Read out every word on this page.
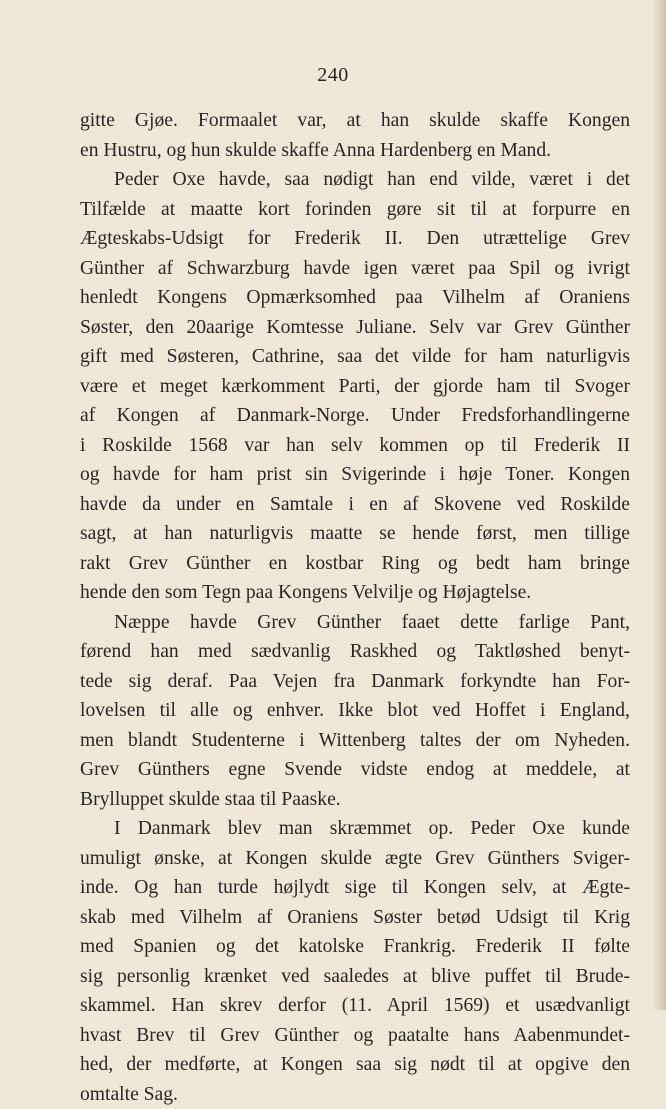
240
gitte Gjøe. Formaalet var, at han skulde skaffe Kongen
en Hustru, og hun skulde skaffe Anna Hardenberg en Mand.
Peder Oxe havde, saa nødigt han end vilde, været i det
Tilfælde at maatte kort forinden gøre sit til at forpurre en
Ægteskabs-Udsigt for Frederik II. Den utrættelige Grev
Günther af Schwarzburg havde igen været paa Spil og ivrigt
henledt Kongens Opmærksomhed paa Vilhelm af Oraniens
Søster, den 20aarige Komtesse Juliane. Selv var Grev Günther
gift med Søsteren, Cathrine, saa det vilde for ham naturligvis
være et meget kærkomment Parti, der gjorde ham til Svoger
af Kongen af Danmark-Norge. Under Fredsforhandlingerne
i Roskilde 1568 var han selv kommen op til Frederik II
og havde for ham prist sin Svigerinde i høje Toner. Kongen
havde da under en Samtale i en af Skovene ved Roskilde
sagt, at han naturligvis maatte se hende først, men tillige
rakt Grev Günther en kostbar Ring og bedt ham bringe
hende den som Tegn paa Kongens Velvilje og Højagtelse.
Næppe havde Grev Günther faaet dette farlige Pant,
førend han med sædvanlig Raskhed og Taktløshed benyt-
tede sig deraf. Paa Vejen fra Danmark forkyndte han For-
lovelsen til alle og enhver. Ikke blot ved Hoffet i England,
men blandt Studenterne i Wittenberg taltes der om Nyheden.
Grev Günthers egne Svende vidste endog at meddele, at
Brylluppet skulde staa til Paaske.
I Danmark blev man skræmmet op. Peder Oxe kunde
umuligt ønske, at Kongen skulde ægte Grev Günthers Sviger-
inde. Og han turde højlydt sige til Kongen selv, at Ægte-
skab med Vilhelm af Oraniens Søster betød Udsigt til Krig
med Spanien og det katolske Frankrig. Frederik II følte
sig personlig krænket ved saaledes at blive puffet til Brude-
skammel. Han skrev derfor (11. April 1569) et usædvanligt
hvast Brev til Grev Günther og paatalte hans Aabenmundet-
hed, der medførte, at Kongen saa sig nødt til at opgive den
omtalte Sag.
